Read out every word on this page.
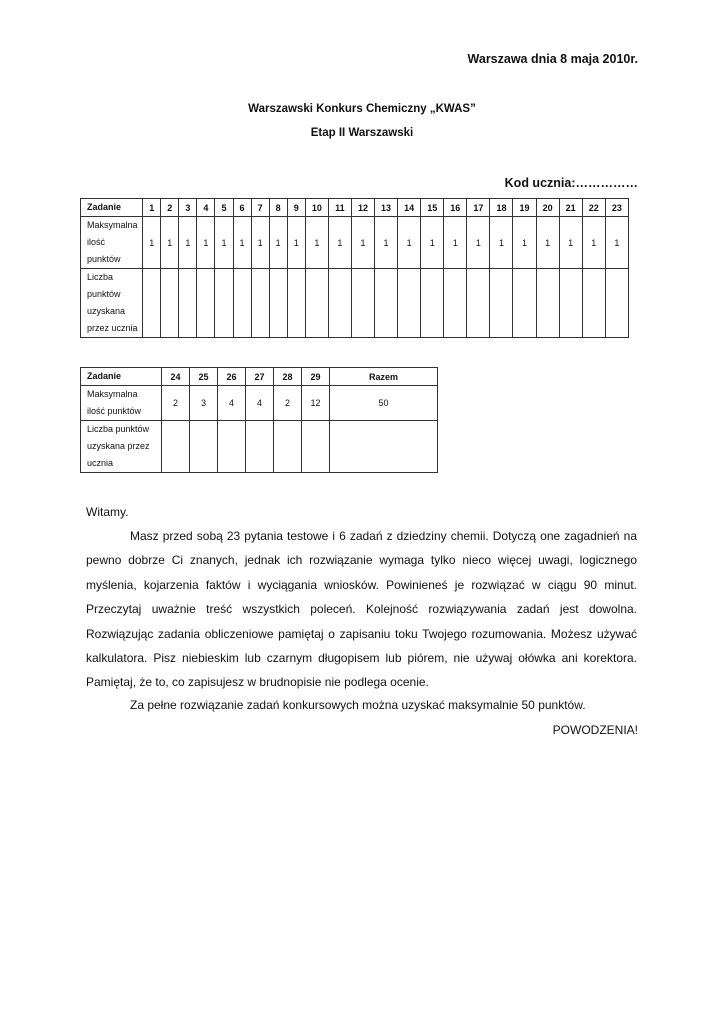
Warszawa dnia 8 maja 2010r.
Warszawski Konkurs Chemiczny „KWAS”
Etap II Warszawski
Kod ucznia:……………
Zadanie	1	2	3	4	5	6	7	8	9	10	11	12	13	14	15	16	17	18	19	20	21	22	23
Maksymalna
ilość
punktów	1	1	1	1	1	1	1	1	1	1	1	1	1	1	1	1	1	1	1	1	1	1	1
Liczba
punktów
uzyskana
przez ucznia																							
Zadanie	24	25	26	27	28	29	Razem
Maksymalna
ilość punktów	2	3	4	4	2	12	50
Liczba punktów
uzyskana przez
ucznia							
Witamy.
Masz przed sobą 23 pytania testowe i 6 zadań z dziedziny chemii. Dotyczą one zagadnień na pewno dobrze Ci znanych, jednak ich rozwiązanie wymaga tylko nieco więcej uwagi, logicznego myślenia, kojarzenia faktów i wyciągania wniosków. Powinieneś je rozwiązać w ciągu 90 minut. Przeczytaj uważnie treść wszystkich poleceń. Kolejność rozwiązywania zadań jest dowolna. Rozwiązując zadania obliczeniowe pamiętaj o zapisaniu toku Twojego rozumowania. Możesz używać kalkulatora. Pisz niebieskim lub czarnym długopisem lub piórem, nie używaj ołówka ani korektora. Pamiętaj, że to, co zapisujesz w brudnopisie nie podlega ocenie.
Za pełne rozwiązanie zadań konkursowych można uzyskać maksymalnie 50 punktów.
POWODZENIA!
